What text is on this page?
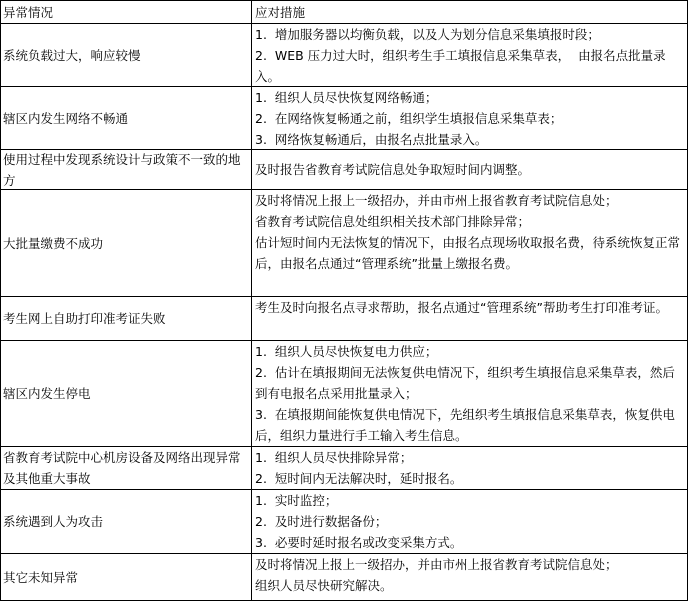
异常情况	应对措施
系统负载过大，响应较慢
1.  增加服务器以均衡负载，以及人为划分信息采集填报时段；
2.  WEB 压力过大时，组织考生手工填报信息采集草表，  由报名点批量录入。
辖区内发生网络不畅通
1.  组织人员尽快恢复网络畅通；
2.  在网络恢复畅通之前，组织学生填报信息采集草表；
3.  网络恢复畅通后，由报名点批量录入。
使用过程中发现系统设计与政策不一致的地方
及时报告省教育考试院信息处争取短时间内调整。
大批量缴费不成功
及时将情况上报上一级招办，并由市州上报省教育考试院信息处；
省教育考试院信息处组织相关技术部门排除异常；
估计短时间内无法恢复的情况下，由报名点现场收取报名费，待系统恢复正常后，由报名点通过“管理系统”批量上缴报名费。
考生网上自助打印准考证失败
考生及时向报名点寻求帮助，报名点通过“管理系统”帮助考生打印准考证。
辖区内发生停电
1.  组织人员尽快恢复电力供应；
2.  估计在填报期间无法恢复供电情况下，组织考生填报信息采集草表，然后到有电报名点采用批量录入；
3.  在填报期间能恢复供电情况下，先组织考生填报信息采集草表，恢复供电后，组织力量进行手工输入考生信息。
省教育考试院中心机房设备及网络出现异常及其他重大事故
1.  组织人员尽快排除异常；
2.  短时间内无法解决时，延时报名。
系统遇到人为攻击
1.  实时监控；
2.  及时进行数据备份；
3.  必要时延时报名或改变采集方式。
其它未知异常
及时将情况上报上一级招办，并由市州上报省教育考试院信息处；
组织人员尽快研究解决。
